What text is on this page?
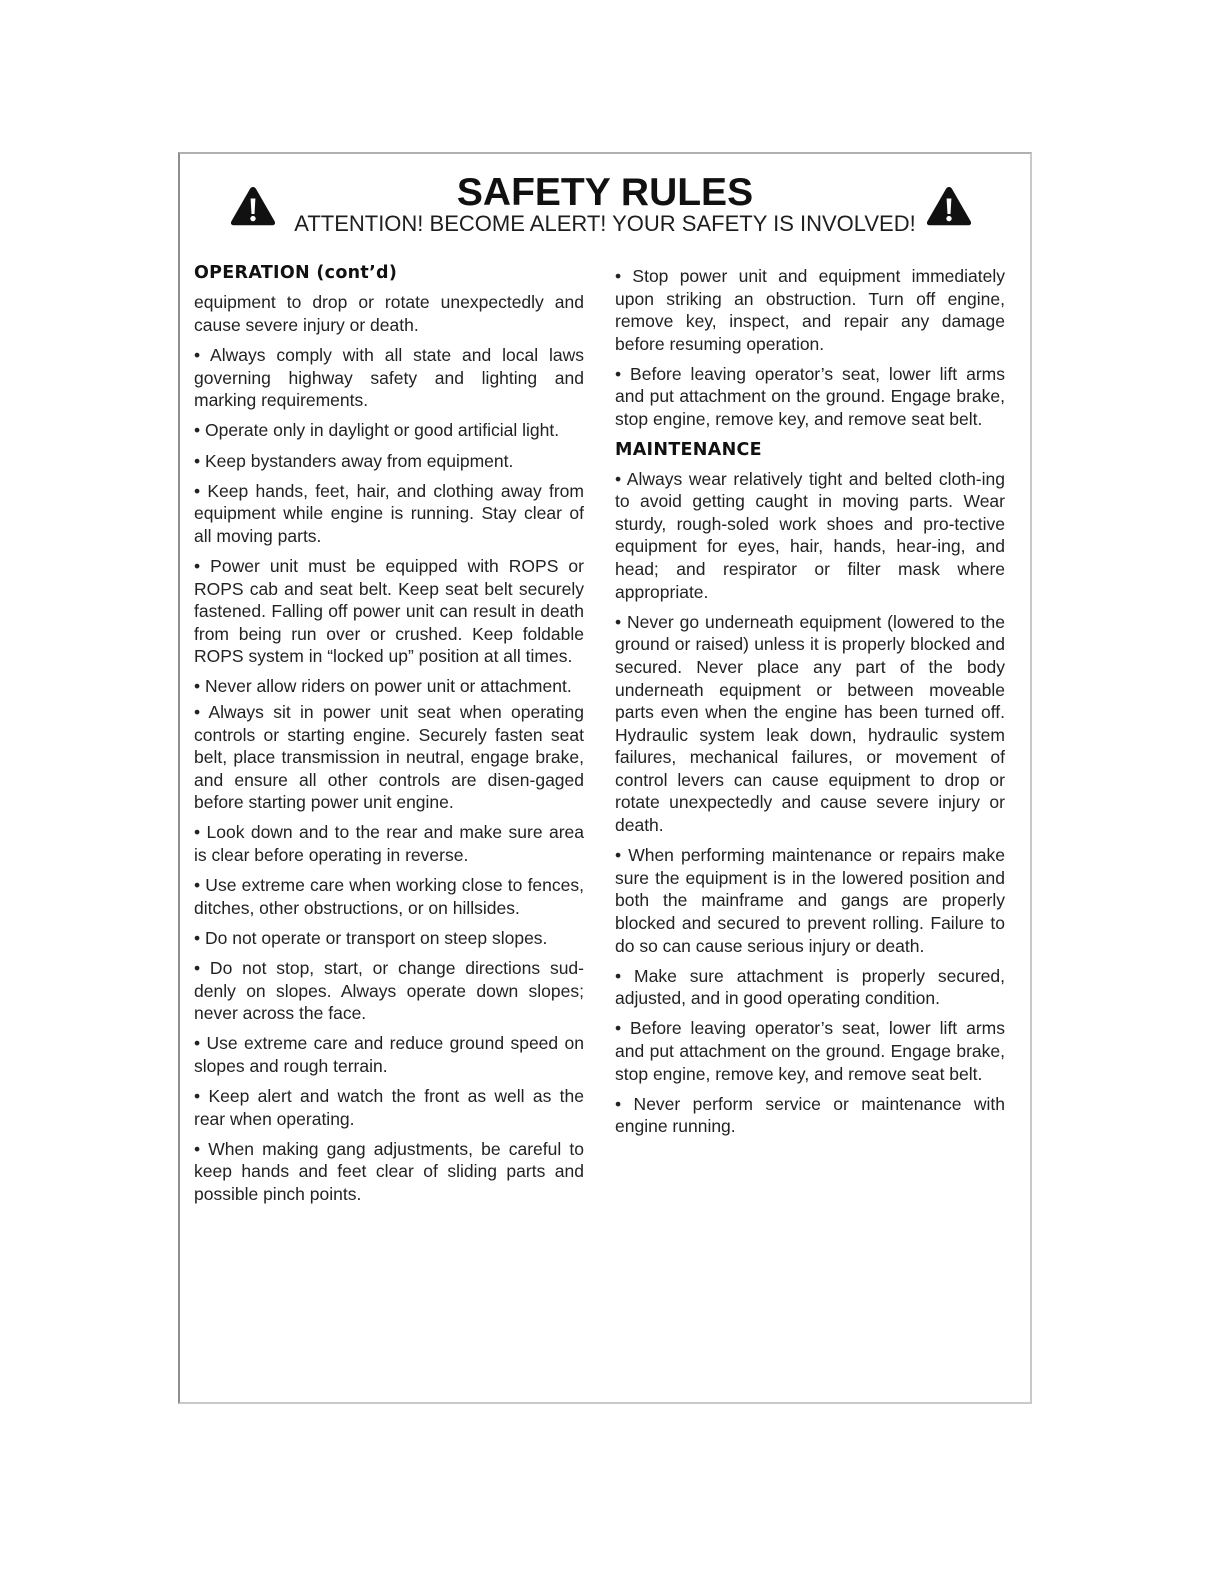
SAFETY RULES
ATTENTION! BECOME ALERT! YOUR SAFETY IS INVOLVED!
OPERATION (cont’d)

equipment to drop or rotate unexpectedly and cause severe injury or death.

• Always comply with all state and local laws governing highway safety and lighting and marking requirements.

• Operate only in daylight or good artificial light.

• Keep bystanders away from equipment.

• Keep hands, feet, hair, and clothing away from equipment while engine is running. Stay clear of all moving parts.

• Power unit must be equipped with ROPS or ROPS cab and seat belt. Keep seat belt securely fastened. Falling off power unit can result in death from being run over or crushed. Keep foldable ROPS system in “locked up” position at all times.

• Never allow riders on power unit or attachment.

• Always sit in power unit seat when operating controls or starting engine. Securely fasten seat belt, place transmission in neutral, engage brake, and ensure all other controls are disen-gaged before starting power unit engine.

• Look down and to the rear and make sure area is clear before operating in reverse.

• Use extreme care when working close to fences, ditches, other obstructions, or on hillsides.

• Do not operate or transport on steep slopes.

• Do not stop, start, or change directions sud-denly on slopes. Always operate down slopes; never across the face.

• Use extreme care and reduce ground speed on slopes and rough terrain.

• Keep alert and watch the front as well as the rear when operating.

• When making gang adjustments, be careful to keep hands and feet clear of sliding parts and possible pinch points.

• Stop power unit and equipment immediately upon striking an obstruction. Turn off engine, remove key, inspect, and repair any damage before resuming operation.

• Before leaving operator’s seat, lower lift arms and put attachment on the ground. Engage brake, stop engine, remove key, and remove seat belt.

MAINTENANCE

• Always wear relatively tight and belted cloth-ing to avoid getting caught in moving parts. Wear sturdy, rough-soled work shoes and pro-tective equipment for eyes, hair, hands, hear-ing, and head; and respirator or filter mask where appropriate.

• Never go underneath equipment (lowered to the ground or raised) unless it is properly blocked and secured. Never place any part of the body underneath equipment or between moveable parts even when the engine has been turned off. Hydraulic system leak down, hydraulic system failures, mechanical failures, or movement of control levers can cause equipment to drop or rotate unexpectedly and cause severe injury or death.

• When performing maintenance or repairs make sure the equipment is in the lowered position and both the mainframe and gangs are properly blocked and secured to prevent rolling. Failure to do so can cause serious injury or death.

• Make sure attachment is properly secured, adjusted, and in good operating condition.

• Before leaving operator’s seat, lower lift arms and put attachment on the ground. Engage brake, stop engine, remove key, and remove seat belt.

• Never perform service or maintenance with engine running.
